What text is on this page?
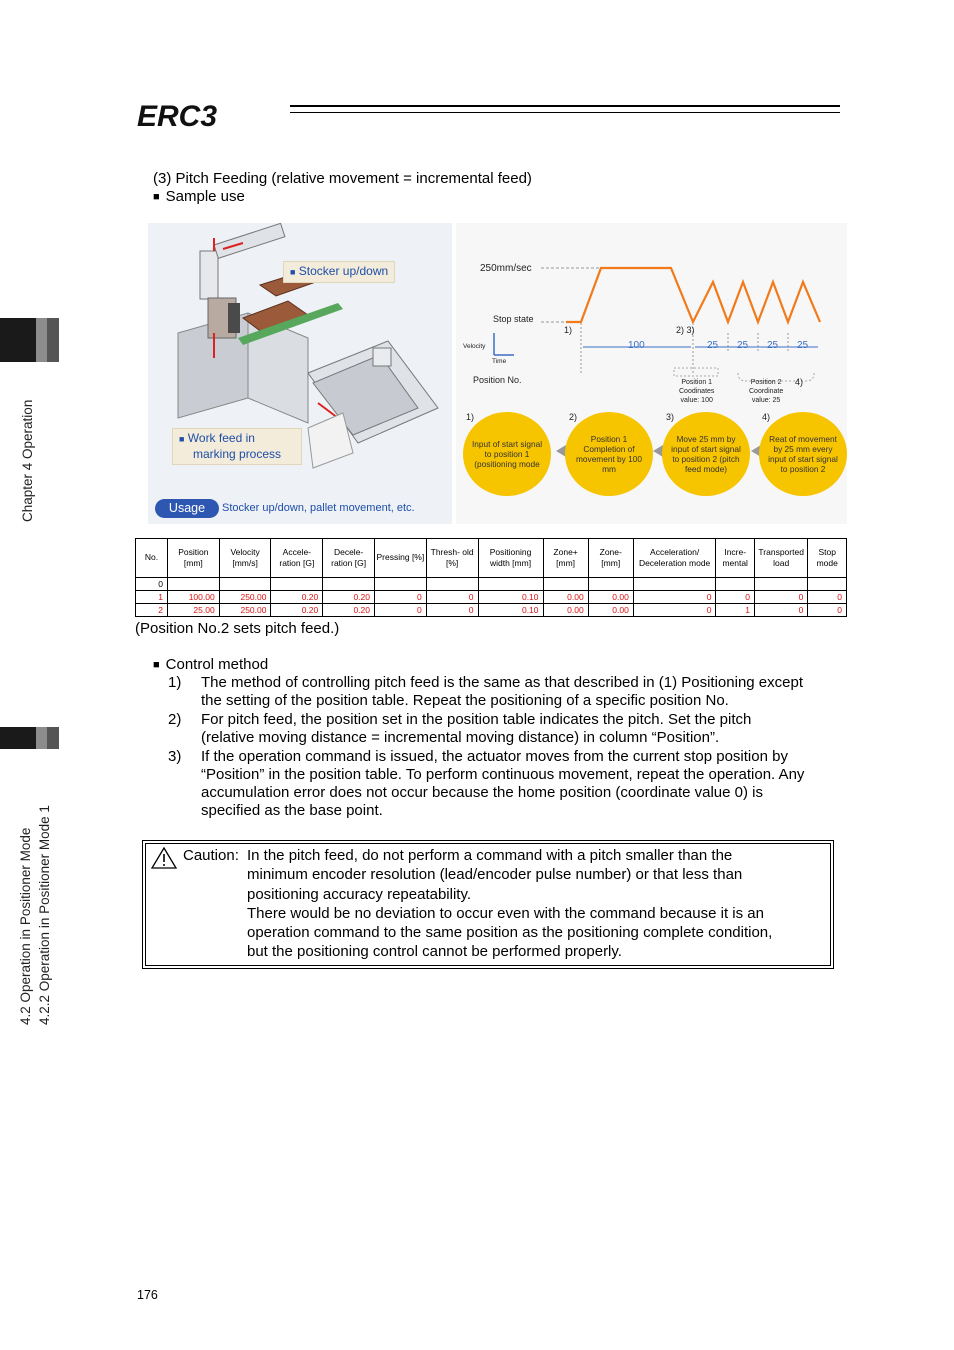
ERC3
Chapter 4 Operation
4.2 Operation in Positioner Mode 4.2.2 Operation in Positioner Mode 1
(3) Pitch Feeding (relative movement = incremental feed)
■ Sample use
■ Stocker up/down
■ Work feed in
marking process
Usage	Stocker up/down, pallet movement, etc.
250mm/sec
Stop state
Velocity
Time
1)	2) 3)
100	25 25 25 25
Position No.	Position 1
Coodinates
value: 100
Position 2
Coordinate
value: 25
4)
1)
Input of start signal to position 1 (positioning mode
2)
Position 1 Completion of movement by 100 mm
3)
Move 25 mm by input of start signal to position 2 (pitch feed mode)
4)
Reat of movement by 25 mm every input of start signal to position 2
No.	Position [mm]	Velocity [mm/s]	Accele- ration [G]	Decele- ration [G]	Pressing [%]	Thresh- old [%]	Positioning width [mm]	Zone+ [mm]	Zone- [mm]	Acceleration/ Deceleration mode	Incre- mental	Transported load	Stop mode
0													
1	100.00	250.00	0.20	0.20	0	0	0.10	0.00	0.00	0	0	0	0
2	25.00	250.00	0.20	0.20	0	0	0.10	0.00	0.00	0	1	0	0
(Position No.2 sets pitch feed.)
■ Control method
1) The method of controlling pitch feed is the same as that described in (1) Positioning except
the setting of the position table. Repeat the positioning of a specific position No.
2) For pitch feed, the position set in the position table indicates the pitch. Set the pitch
(relative moving distance = incremental moving distance) in column “Position”.
3) If the operation command is issued, the actuator moves from the current stop position by
“Position” in the position table. To perform continuous movement, repeat the operation. Any
accumulation error does not occur because the home position (coordinate value 0) is
specified as the base point.
Caution: In the pitch feed, do not perform a command with a pitch smaller than the
minimum encoder resolution (lead/encoder pulse number) or that less than
positioning accuracy repeatability.
There would be no deviation to occur even with the command because it is an
operation command to the same position as the positioning complete condition,
but the positioning control cannot be performed properly.
176
